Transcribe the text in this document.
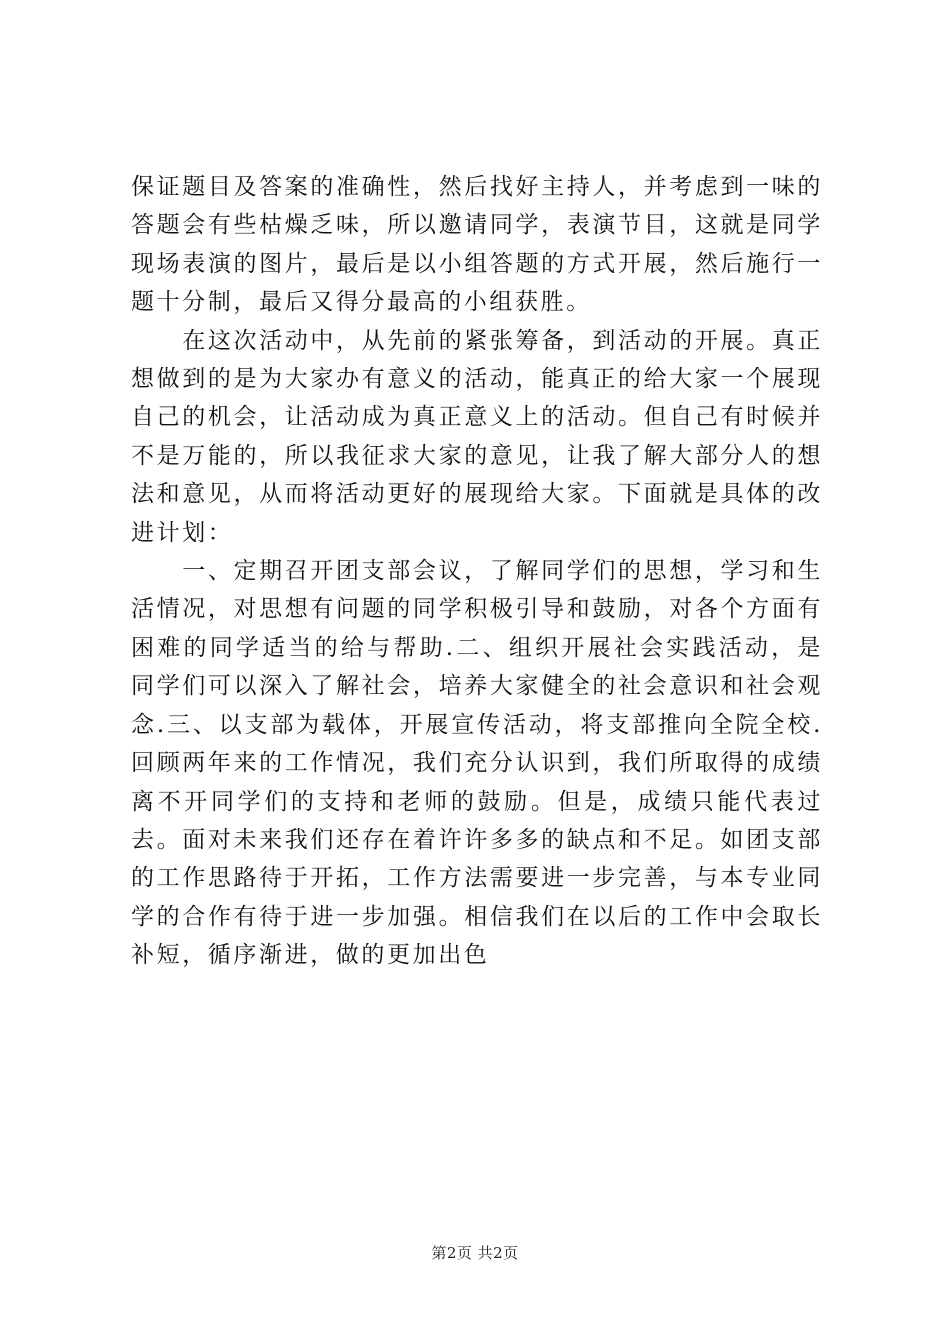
保证题目及答案的准确性，然后找好主持人，并考虑到一味的答题会有些枯燥乏味，所以邀请同学，表演节目，这就是同学现场表演的图片，最后是以小组答题的方式开展，然后施行一题十分制，最后又得分最高的小组获胜。

　　在这次活动中，从先前的紧张筹备，到活动的开展。真正想做到的是为大家办有意义的活动，能真正的给大家一个展现自己的机会，让活动成为真正意义上的活动。但自己有时候并不是万能的，所以我征求大家的意见，让我了解大部分人的想法和意见，从而将活动更好的展现给大家。下面就是具体的改进计划：

　　一、定期召开团支部会议，了解同学们的思想，学习和生活情况，对思想有问题的同学积极引导和鼓励，对各个方面有困难的同学适当的给与帮助.二、组织开展社会实践活动，是同学们可以深入了解社会，培养大家健全的社会意识和社会观念.三、以支部为载体，开展宣传活动，将支部推向全院全校.回顾两年来的工作情况，我们充分认识到，我们所取得的成绩离不开同学们的支持和老师的鼓励。但是，成绩只能代表过去。面对未来我们还存在着许许多多的缺点和不足。如团支部的工作思路待于开拓，工作方法需要进一步完善，与本专业同学的合作有待于进一步加强。相信我们在以后的工作中会取长补短，循序渐进，做的更加出色

第2页 共2页
